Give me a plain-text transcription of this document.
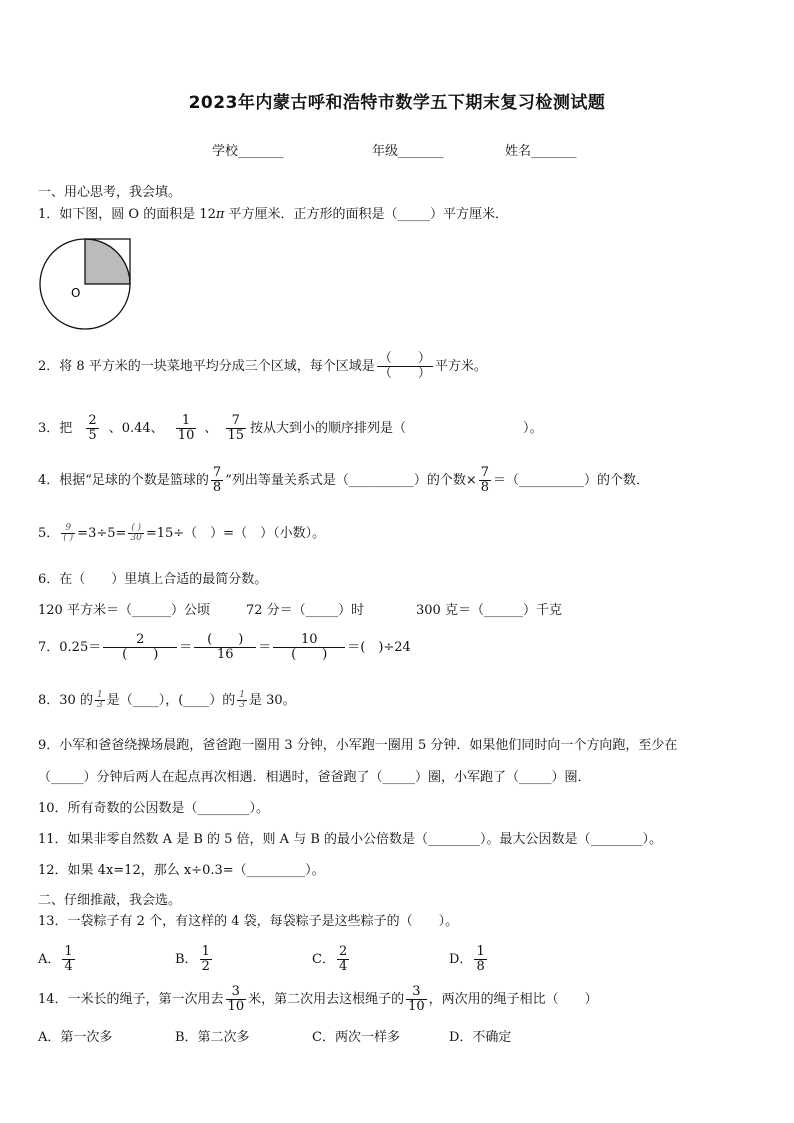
2023年内蒙古呼和浩特市数学五下期末复习检测试题
学校_______	年级_______	姓名_______
一、用心思考，我会填。
1．如下图，圆 O 的面积是 12π 平方厘米．正方形的面积是（_____）平方厘米．
O
2．将 8 平方米的一块菜地平均分成三个区域，每个区域是 $\frac{( )}{( )}$ 平方米。
3．把 $\frac{2}{5}$ 、0.44、 $\frac{1}{10}$ 、 $\frac{7}{15}$ 按从大到小的顺序排列是（　　　　　　　　　）。
4．根据“足球的个数是篮球的 $\frac{7}{8}$ ”列出等量关系式是（__________）的个数× $\frac{7}{8}$ ＝（__________）的个数．
5． $\frac{9}{( )} =3\div 5= \frac{( )}{30} =15\div$（　）=（　）（小数）。
6．在（　　）里填上合适的最简分数。
120 平方米＝（______）公顷	72 分＝（_____）时	300 克＝（______）千克
7．$0.25= \frac{2}{( )} = \frac{( )}{16} = \frac{10}{( )}$ ＝(　)÷24
8．30 的 $\frac{1}{3}$ 是（____），(____）的 $\frac{1}{3}$ 是 30。
9．小军和爸爸绕操场晨跑，爸爸跑一圈用 3 分钟，小军跑一圈用 5 分钟．如果他们同时向一个方向跑，至少在
（_____）分钟后两人在起点再次相遇．相遇时，爸爸跑了（_____）圈，小军跑了（_____）圈．
10．所有奇数的公因数是（________）。
11．如果非零自然数 A 是 B 的 5 倍，则 A 与 B 的最小公倍数是（________）。最大公因数是（________）。
12．如果 4x=12，那么 x÷0.3=（_________）。
二、仔细推敲，我会选。
13．一袋粽子有 2 个，有这样的 4 袋，每袋粽子是这些粽子的（　　）。
A． $\frac{1}{4}$	B． $\frac{1}{2}$	C． $\frac{2}{4}$	D． $\frac{1}{8}$
14．一米长的绳子，第一次用去 $\frac{3}{10}$ 米，第二次用去这根绳子的 $\frac{3}{10}$ ，两次用的绳子相比（　　）
A．第一次多	B．第二次多	C．两次一样多	D．不确定
